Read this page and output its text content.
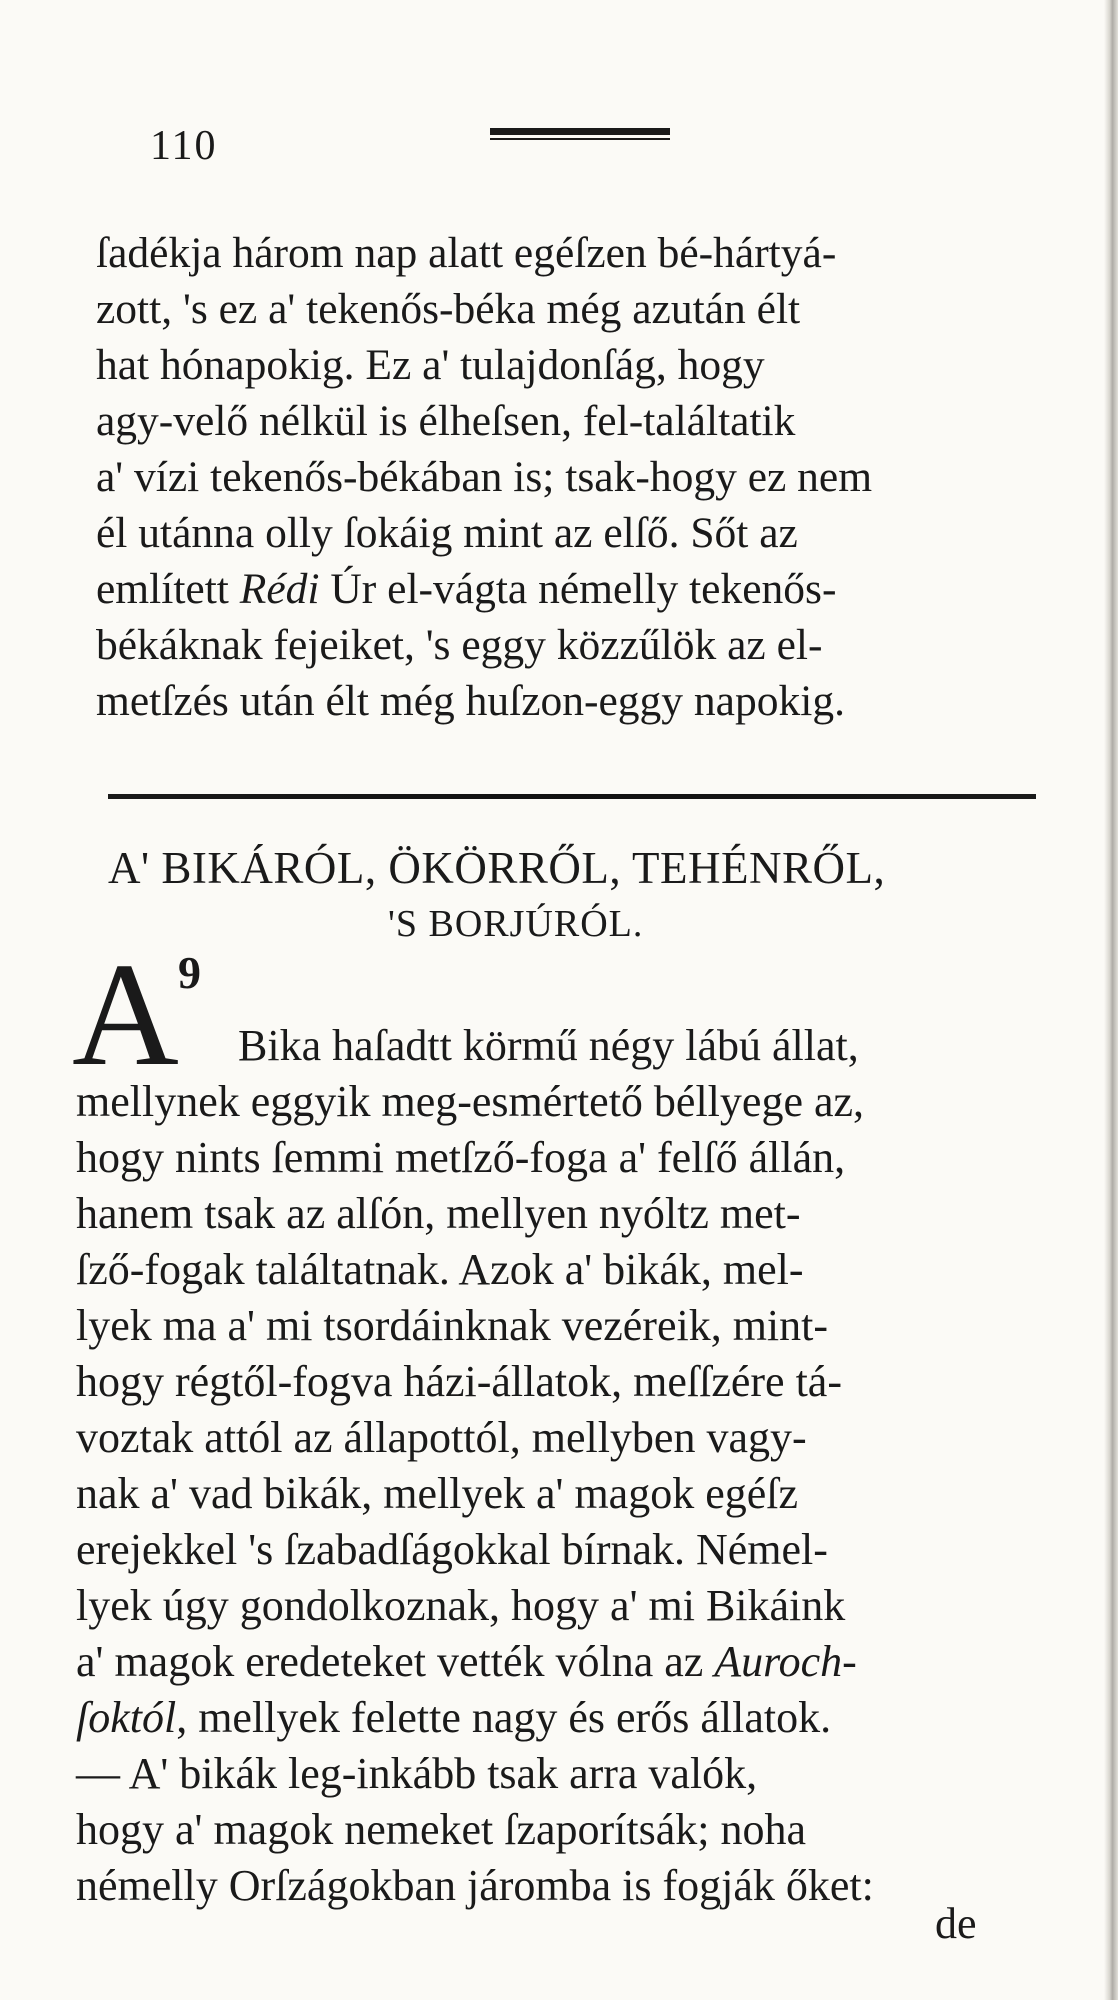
110
ſadékja három nap alatt egéſzen bé-hártyá-
zott, 's ez a' tekenős-béka még azután élt
hat hónapokig. Ez a' tulajdonſág, hogy
agy-velő nélkül is élheſsen, fel-találtatik
a' vízi tekenős-békában is; tsak-hogy ez nem
él utánna olly ſokáig mint az elſő. Sőt az
említett Rédi Úr el-vágta némelly tekenős-
békáknak fejeiket, 's eggy közzűlök az el-
metſzés után élt még huſzon-eggy napokig.
A' BIKÁRÓL, ÖKÖRRŐL, TEHÉNRŐL,
'S BORJÚRÓL.
A 9
Bika haſadtt körmű négy lábú állat,
mellynek eggyik meg-esmértető béllyege az,
hogy nints ſemmi metſző-foga a' felſő állán,
hanem tsak az alſón, mellyen nyóltz met-
ſző-fogak találtatnak. Azok a' bikák, mel-
lyek ma a' mi tsordáinknak vezéreik, mint-
hogy régtől-fogva házi-állatok, meſſzére tá-
voztak attól az állapottól, mellyben vagy-
nak a' vad bikák, mellyek a' magok egéſz
erejekkel 's ſzabadſágokkal bírnak. Némel-
lyek úgy gondolkoznak, hogy a' mi Bikáink
a' magok eredeteket vették vólna az Auroch-
ſoktól, mellyek felette nagy és erős állatok.
— A' bikák leg-inkább tsak arra valók,
hogy a' magok nemeket ſzaporítsák; noha
némelly Orſzágokban járomba is fogják őket:
de
